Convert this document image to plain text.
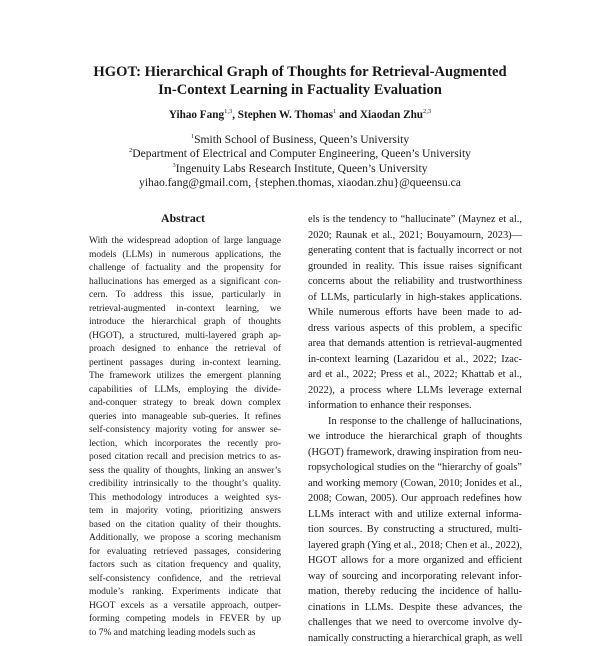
HGOT: Hierarchical Graph of Thoughts for Retrieval-Augmented
In-Context Learning in Factuality Evaluation
Yihao Fang$^{1,3}$, Stephen W. Thomas$^1$ and Xiaodan Zhu$^{2,3}$
$^1$Smith School of Business, Queen’s University
$^2$Department of Electrical and Computer Engineering, Queen’s University
$^3$Ingenuity Labs Research Institute, Queen’s University
yihao.fang@gmail.com, {stephen.thomas, xiaodan.zhu}@queensu.ca
Abstract
With the widespread adoption of large language
models (LLMs) in numerous applications, the
challenge of factuality and the propensity for
hallucinations has emerged as a significant con-
cern. To address this issue, particularly in
retrieval-augmented in-context learning, we
introduce the hierarchical graph of thoughts
(HGOT), a structured, multi-layered graph ap-
proach designed to enhance the retrieval of
pertinent passages during in-context learning.
The framework utilizes the emergent planning
capabilities of LLMs, employing the divide-
and-conquer strategy to break down complex
queries into manageable sub-queries. It refines
self-consistency majority voting for answer se-
lection, which incorporates the recently pro-
posed citation recall and precision metrics to as-
sess the quality of thoughts, linking an answer’s
credibility intrinsically to the thought’s quality.
This methodology introduces a weighted sys-
tem in majority voting, prioritizing answers
based on the citation quality of their thoughts.
Additionally, we propose a scoring mechanism
for evaluating retrieved passages, considering
factors such as citation frequency and quality,
self-consistency confidence, and the retrieval
module’s ranking. Experiments indicate that
HGOT excels as a versatile approach, outper-
forming competing models in FEVER by up
to 7% and matching leading models such as
els is the tendency to “hallucinate” (Maynez et al.,
2020; Raunak et al., 2021; Bouyamourn, 2023)—
generating content that is factually incorrect or not
grounded in reality. This issue raises significant
concerns about the reliability and trustworthiness
of LLMs, particularly in high-stakes applications.
While numerous efforts have been made to ad-
dress various aspects of this problem, a specific
area that demands attention is retrieval-augmented
in-context learning (Lazaridou et al., 2022; Izac-
ard et al., 2022; Press et al., 2022; Khattab et al.,
2022), a process where LLMs leverage external
information to enhance their responses.
In response to the challenge of hallucinations,
we introduce the hierarchical graph of thoughts
(HGOT) framework, drawing inspiration from neu-
ropsychological studies on the “hierarchy of goals”
and working memory (Cowan, 2010; Jonides et al.,
2008; Cowan, 2005). Our approach redefines how
LLMs interact with and utilize external informa-
tion sources. By constructing a structured, multi-
layered graph (Ying et al., 2018; Chen et al., 2022),
HGOT allows for a more organized and efficient
way of sourcing and incorporating relevant infor-
mation, thereby reducing the incidence of hallu-
cinations in LLMs. Despite these advances, the
challenges that we need to overcome involve dy-
namically constructing a hierarchical graph, as well
